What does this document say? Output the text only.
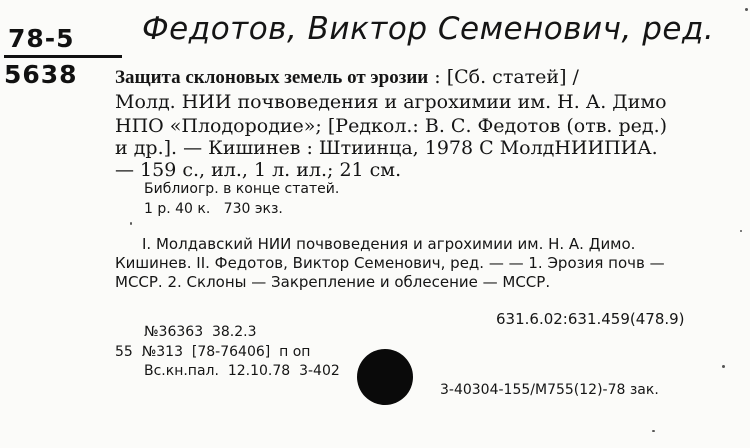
78-5
5638
Федотов, Виктор Семенович, ред.
Защита склоновых земель от эрозии : [Сб. статей] /
Молд. НИИ почвоведения и агрохимии им. Н. А. Димо
НПО «Плодородие»; [Редкол.: В. С. Федотов (отв. ред.)
и др.]. — Кишинев : Штиинца, 1978 С МолдНИИПИА.
— 159 с., ил., 1 л. ил.; 21 см.
Библиогр. в конце статей.
1 р. 40 к.   730 экз.
I. Молдавский НИИ почвоведения и агрохимии им. Н. А. Димо.
Кишинев. II. Федотов, Виктор Семенович, ред. — — 1. Эрозия почв —
МССР. 2. Склоны — Закрепление и облесение — МССР.
631.6.02:631.459(478.9)
№36363  38.2.3
55  №313  [78-76406]  п оп
Вс.кн.пал.  12.10.78  3-402
3-40304-155/М755(12)-78 зак.
